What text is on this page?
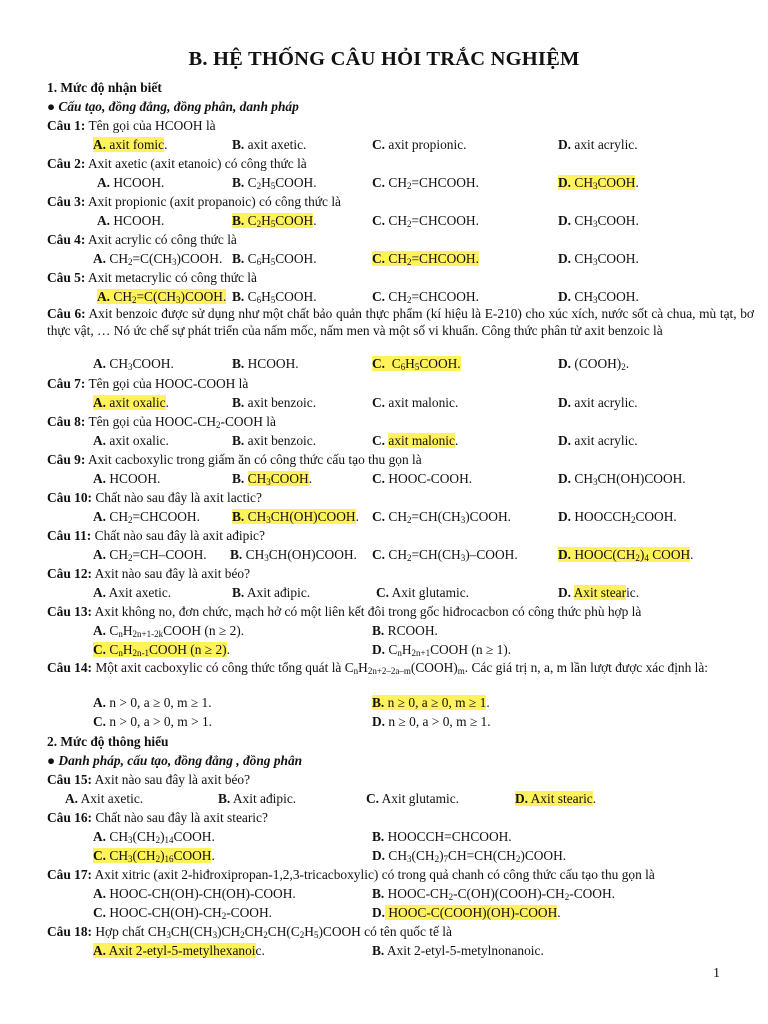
B. HỆ THỐNG CÂU HỎI TRẮC NGHIỆM
1. Mức độ nhận biết
● Cấu tạo, đồng đẳng, đồng phân, danh pháp
Câu 1: Tên gọi của HCOOH là
A. axit fomic.	B. axit axetic.	C. axit propionic.	D. axit acrylic.
Câu 2: Axit axetic (axit etanoic) có công thức là
A. HCOOH.	B. $C_2H_5COOH$.	C. $CH_2=CHCOOH$.	D. $CH_3COOH$.
Câu 3: Axit propionic (axit propanoic) có công thức là
A. HCOOH.	B. $C_2H_5COOH$.	C. $CH_2=CHCOOH$.	D. $CH_3COOH$.
Câu 4: Axit acrylic có công thức là
A. $CH_2=C(CH_3)COOH$. B. $C_6H_5COOH$.	C. $CH_2=CHCOOH$.	D. $CH_3COOH$.
Câu 5: Axit metacrylic có công thức là
A. $CH_2=C(CH_3)COOH$. B. $C_6H_5COOH$.	C. $CH_2=CHCOOH$.	D. $CH_3COOH$.
Câu 6: Axit benzoic được sử dụng như một chất bảo quản thực phẩm (kí hiệu là E-210) cho xúc xích, nước sốt cà chua, mù tạt, bơ thực vật, … Nó ức chế sự phát triển của nấm mốc, nấm men và một số vi khuẩn. Công thức phân tử axit benzoic là
A. $CH_3COOH$.	B. HCOOH.	C. $C_6H_5COOH$.	D. $(COOH)_2$.
Câu 7: Tên gọi của HOOC-COOH là
A. axit oxalic.	B. axit benzoic.	C. axit malonic.	D. axit acrylic.
Câu 8: Tên gọi của HOOC-$CH_2$-COOH là
A. axit oxalic.	B. axit benzoic.	C. axit malonic.	D. axit acrylic.
Câu 9: Axit cacboxylic trong giấm ăn có công thức cấu tạo thu gọn là
A. HCOOH.	B. $CH_3COOH$.	C. HOOC-COOH.	D. $CH_3CH(OH)COOH$.
Câu 10: Chất nào sau đây là axit lactic?
A. $CH_2=CHCOOH$. B. $CH_3CH(OH)COOH$. C. $CH_2=CH(CH_3)COOH$.	D. $HOOCCH_2COOH$.
Câu 11: Chất nào sau đây là axit ađipic?
A. $CH_2=CH$–COOH. B. $CH_3CH(OH)COOH$. C. $CH_2=CH(CH_3)$–COOH.	D. $HOOC(CH_2)_4$ COOH.
Câu 12: Axit nào sau đây là axit béo?
A. Axit axetic.	B. Axit ađipic.	C. Axit glutamic.	D. Axit stearic.
Câu 13: Axit không no, đơn chức, mạch hở có một liên kết đôi trong gốc hiđrocacbon có công thức phù hợp là
A. $C_nH_{2n+1-2k}COOH$ (n ≥ 2).	B. RCOOH.
C. $C_nH_{2n-1}COOH$ (n ≥ 2).	D. $C_nH_{2n+1}COOH$ (n ≥ 1).
Câu 14: Một axit cacboxylic có công thức tổng quát là $C_nH_{2n+2-2a-m}(COOH)_m$. Các giá trị n, a, m lần lượt được xác định là:
A. n > 0, a ≥ 0, m ≥ 1.	B. n ≥ 0, a ≥ 0, m ≥ 1.
C. n > 0, a > 0, m > 1.	D. n ≥ 0, a > 0, m ≥ 1.
2. Mức độ thông hiểu
● Danh pháp, cấu tạo, đồng đẳng , đồng phân
Câu 15: Axit nào sau đây là axit béo?
A. Axit axetic.	B. Axit ađipic.	C. Axit glutamic.	D. Axit stearic.
Câu 16: Chất nào sau đây là axit stearic?
A. $CH_3(CH_2)_{14}COOH$.	B. HOOCCH=CHCOOH.
C. $CH_3(CH_2)_{16}COOH$.	D. $CH_3(CH_2)_7CH=CH(CH_2)COOH$.
Câu 17: Axit xitric (axit 2-hiđroxipropan-1,2,3-tricacboxylic) có trong quả chanh có công thức cấu tạo thu gọn là
A. HOOC-CH(OH)-CH(OH)-COOH.	B. HOOC-$CH_2-C(OH)(COOH)-CH_2$-COOH.
C. HOOC-$CH(OH)-CH_2$-COOH.	D. HOOC-C(COOH)(OH)-COOH.
Câu 18: Hợp chất $CH_3CH(CH_3)CH_2CH_2CH(C_2H_5)COOH$ có tên quốc tế là
A. Axit 2-etyl-5-metylhexanoic.	B. Axit 2-etyl-5-metylnonanoic.
1
